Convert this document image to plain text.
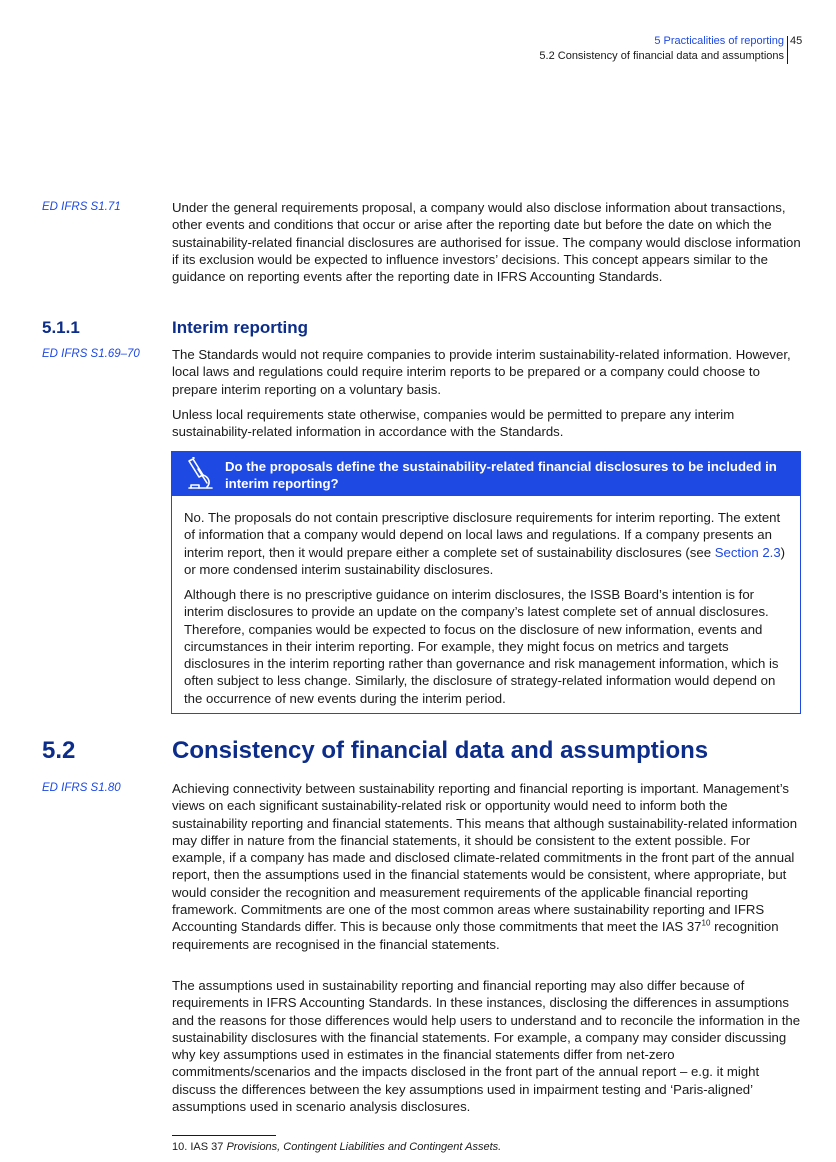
5 Practicalities of reporting
5.2 Consistency of financial data and assumptions
45
ED IFRS S1.71	Under the general requirements proposal, a company would also disclose information about transactions, other events and conditions that occur or arise after the reporting date but before the date on which the sustainability-related financial disclosures are authorised for issue. The company would disclose information if its exclusion would be expected to influence investors’ decisions. This concept appears similar to the guidance on reporting events after the reporting date in IFRS Accounting Standards.

5.1.1	Interim reporting
ED IFRS S1.69–70 The Standards would not require companies to provide interim sustainability-related information. However, local laws and regulations could require interim reports to be prepared or a company could choose to prepare interim reporting on a voluntary basis.

Unless local requirements state otherwise, companies would be permitted to prepare any interim sustainability-related information in accordance with the Standards.

Do the proposals define the sustainability-related financial disclosures to be included in interim reporting?

No. The proposals do not contain prescriptive disclosure requirements for interim reporting. The extent of information that a company would depend on local laws and regulations. If a company presents an interim report, then it would prepare either a complete set of sustainability disclosures (see Section 2.3) or more condensed interim sustainability disclosures.

Although there is no prescriptive guidance on interim disclosures, the ISSB Board’s intention is for interim disclosures to provide an update on the company’s latest complete set of annual disclosures. Therefore, companies would be expected to focus on the disclosure of new information, events and circumstances in their interim reporting. For example, they might focus on metrics and targets disclosures in the interim reporting rather than governance and risk management information, which is often subject to less change. Similarly, the disclosure of strategy-related information would depend on the occurrence of new events during the interim period.

5.2	Consistency of financial data and assumptions
ED IFRS S1.80	Achieving connectivity between sustainability reporting and financial reporting is important. Management’s views on each significant sustainability-related risk or opportunity would need to inform both the sustainability reporting and financial statements. This means that although sustainability-related information may differ in nature from the financial statements, it should be consistent to the extent possible. For example, if a company has made and disclosed climate-related commitments in the front part of the annual report, then the assumptions used in the financial statements would be consistent, where appropriate, but would consider the recognition and measurement requirements of the applicable financial reporting framework. Commitments are one of the most common areas where sustainability reporting and IFRS Accounting Standards differ. This is because only those commitments that meet the IAS $37^{10}$ recognition requirements are recognised in the financial statements.

The assumptions used in sustainability reporting and financial reporting may also differ because of requirements in IFRS Accounting Standards. In these instances, disclosing the differences in assumptions and the reasons for those differences would help users to understand and to reconcile the information in the sustainability disclosures with the financial statements. For example, a company may consider discussing why key assumptions used in estimates in the financial statements differ from net-zero commitments/scenarios and the impacts disclosed in the front part of the annual report – e.g. it might discuss the differences between the key assumptions used in impairment testing and ‘Paris-aligned’ assumptions used in scenario analysis disclosures.

10. IAS 37 Provisions, Contingent Liabilities and Contingent Assets.
